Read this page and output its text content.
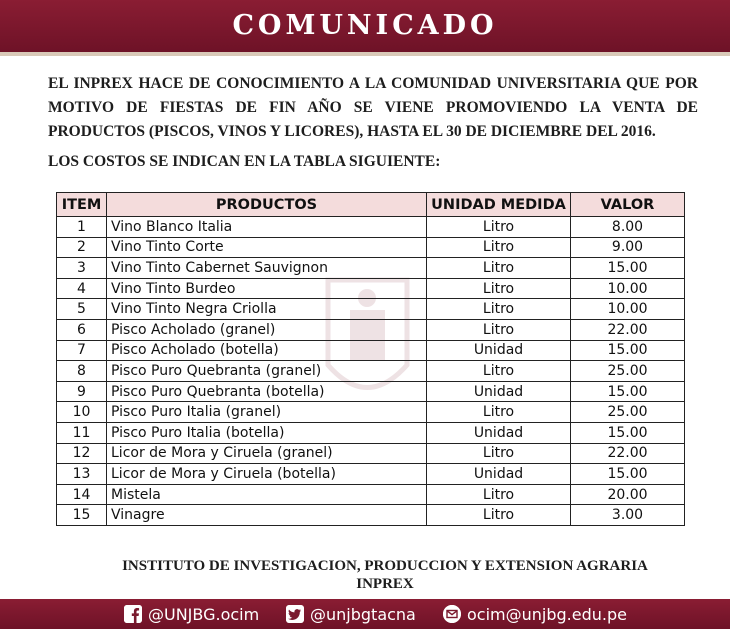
COMUNICADO

EL INPREX HACE DE CONOCIMIENTO A LA COMUNIDAD UNIVERSITARIA QUE POR MOTIVO DE FIESTAS DE FIN AÑO SE VIENE PROMOVIENDO LA VENTA DE PRODUCTOS (PISCOS, VINOS Y LICORES), HASTA EL 30 DE DICIEMBRE DEL 2016.

LOS COSTOS SE INDICAN EN LA TABLA SIGUIENTE:

ITEM	PRODUCTOS	UNIDAD MEDIDA	VALOR
1	Vino Blanco Italia	Litro	8.00
2	Vino Tinto Corte	Litro	9.00
3	Vino Tinto Cabernet Sauvignon	Litro	15.00
4	Vino Tinto Burdeo	Litro	10.00
5	Vino Tinto Negra Criolla	Litro	10.00
6	Pisco Acholado (granel)	Litro	22.00
7	Pisco Acholado (botella)	Unidad	15.00
8	Pisco Puro Quebranta (granel)	Litro	25.00
9	Pisco Puro Quebranta (botella)	Unidad	15.00
10	Pisco Puro Italia (granel)	Litro	25.00
11	Pisco Puro Italia (botella)	Unidad	15.00
12	Licor de Mora y Ciruela (granel)	Litro	22.00
13	Licor de Mora y Ciruela (botella)	Unidad	15.00
14	Mistela	Litro	20.00
15	Vinagre	Litro	3.00
INSTITUTO DE INVESTIGACION, PRODUCCION Y EXTENSION AGRARIA
INPREX
@UNJBG.ocim	@unjbgtacna	ocim@unjbg.edu.pe
